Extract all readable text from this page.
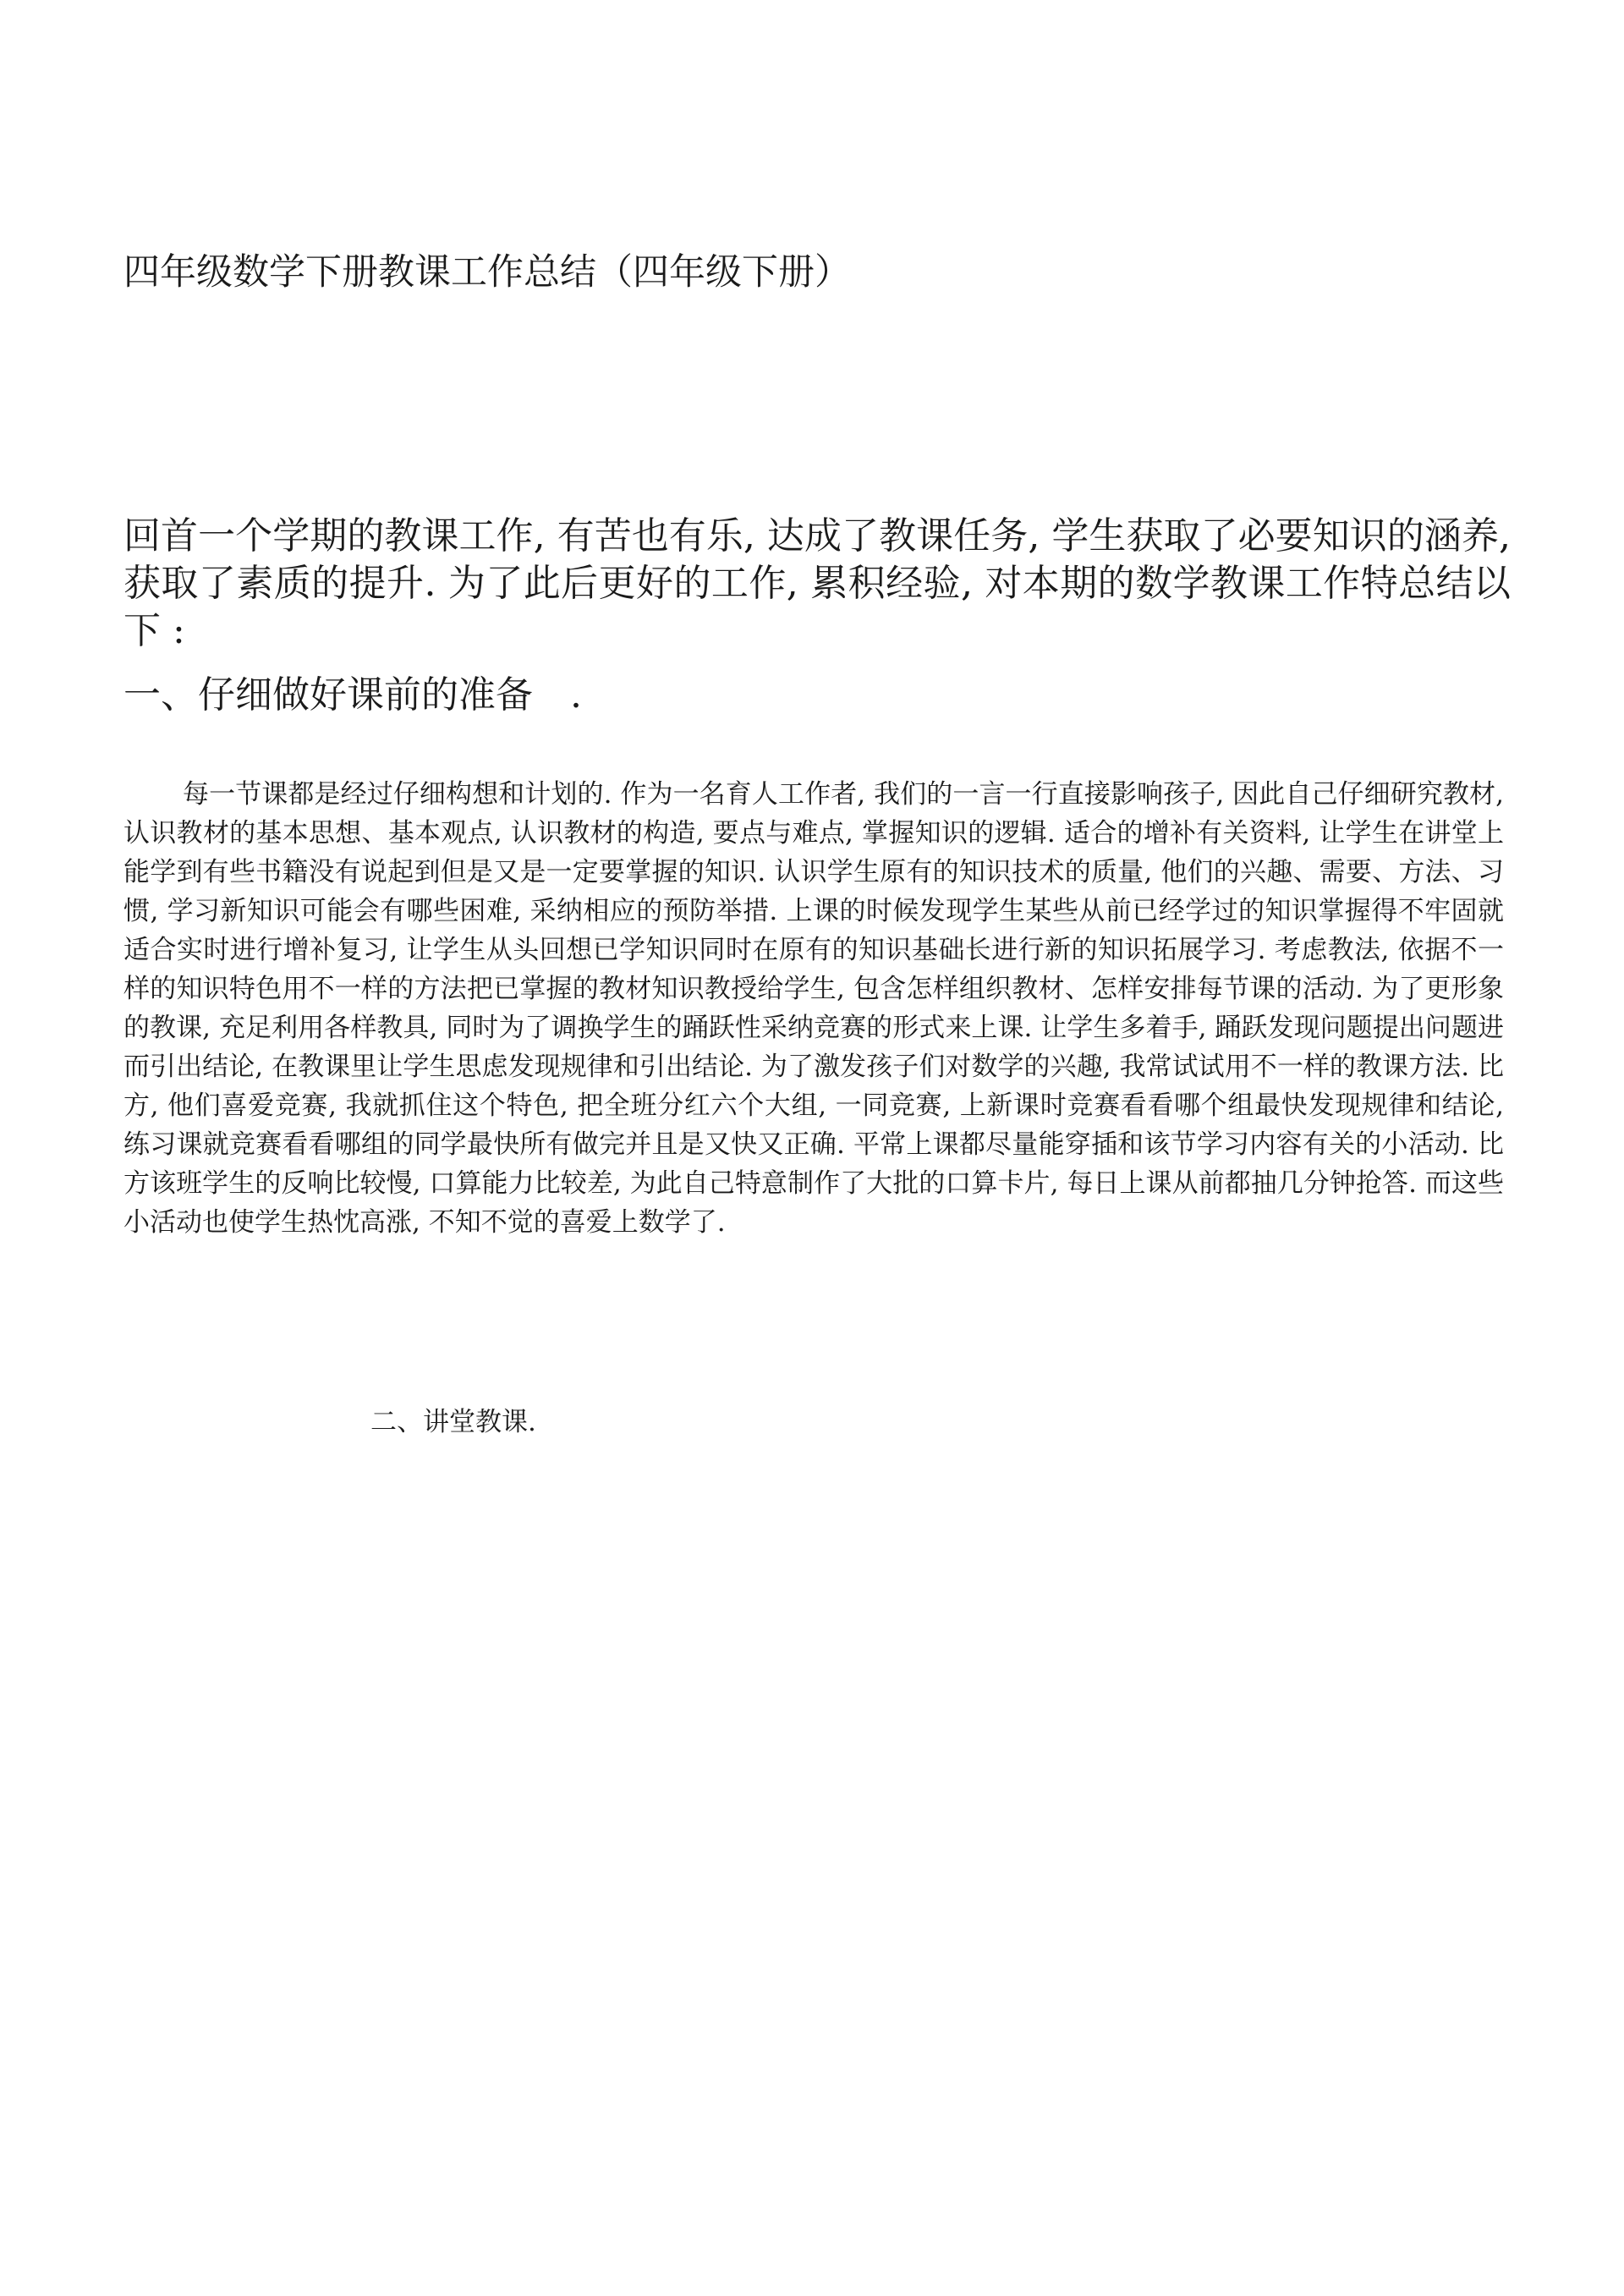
四年级数学下册教课工作总结（四年级下册）

回首一个学期的教课工作, 有苦也有乐, 达成了教课任务, 学生获取了必要知识的涵养, 获取了素质的提升. 为了此后更好的工作, 累积经验, 对本期的数学教课工作特总结以下 :

一、仔细做好课前的准备　.

每一节课都是经过仔细构想和计划的. 作为一名育人工作者, 我们的一言一行直接影响孩子, 因此自己仔细研究教材, 认识教材的基本思想、基本观点, 认识教材的构造, 要点与难点, 掌握知识的逻辑. 适合的增补有关资料, 让学生在讲堂上能学到有些书籍没有说起到但是又是一定要掌握的知识. 认识学生原有的知识技术的质量, 他们的兴趣、需要、方法、习惯, 学习新知识可能会有哪些困难, 采纳相应的预防举措. 上课的时候发现学生某些从前已经学过的知识掌握得不牢固就适合实时进行增补复习, 让学生从头回想已学知识同时在原有的知识基础长进行新的知识拓展学习. 考虑教法, 依据不一样的知识特色用不一样的方法把已掌握的教材知识教授给学生, 包含怎样组织教材、怎样安排每节课的活动. 为了更形象的教课, 充足利用各样教具, 同时为了调换学生的踊跃性采纳竞赛的形式来上课. 让学生多着手, 踊跃发现问题提出问题进而引出结论, 在教课里让学生思虑发现规律和引出结论. 为了激发孩子们对数学的兴趣, 我常试试用不一样的教课方法. 比方, 他们喜爱竞赛, 我就抓住这个特色, 把全班分红六个大组, 一同竞赛, 上新课时竞赛看看哪个组最快发现规律和结论, 练习课就竞赛看看哪组的同学最快所有做完并且是又快又正确. 平常上课都尽量能穿插和该节学习内容有关的小活动. 比方该班学生的反响比较慢, 口算能力比较差, 为此自己特意制作了大批的口算卡片, 每日上课从前都抽几分钟抢答. 而这些小活动也使学生热忱高涨, 不知不觉的喜爱上数学了.

二、讲堂教课.
